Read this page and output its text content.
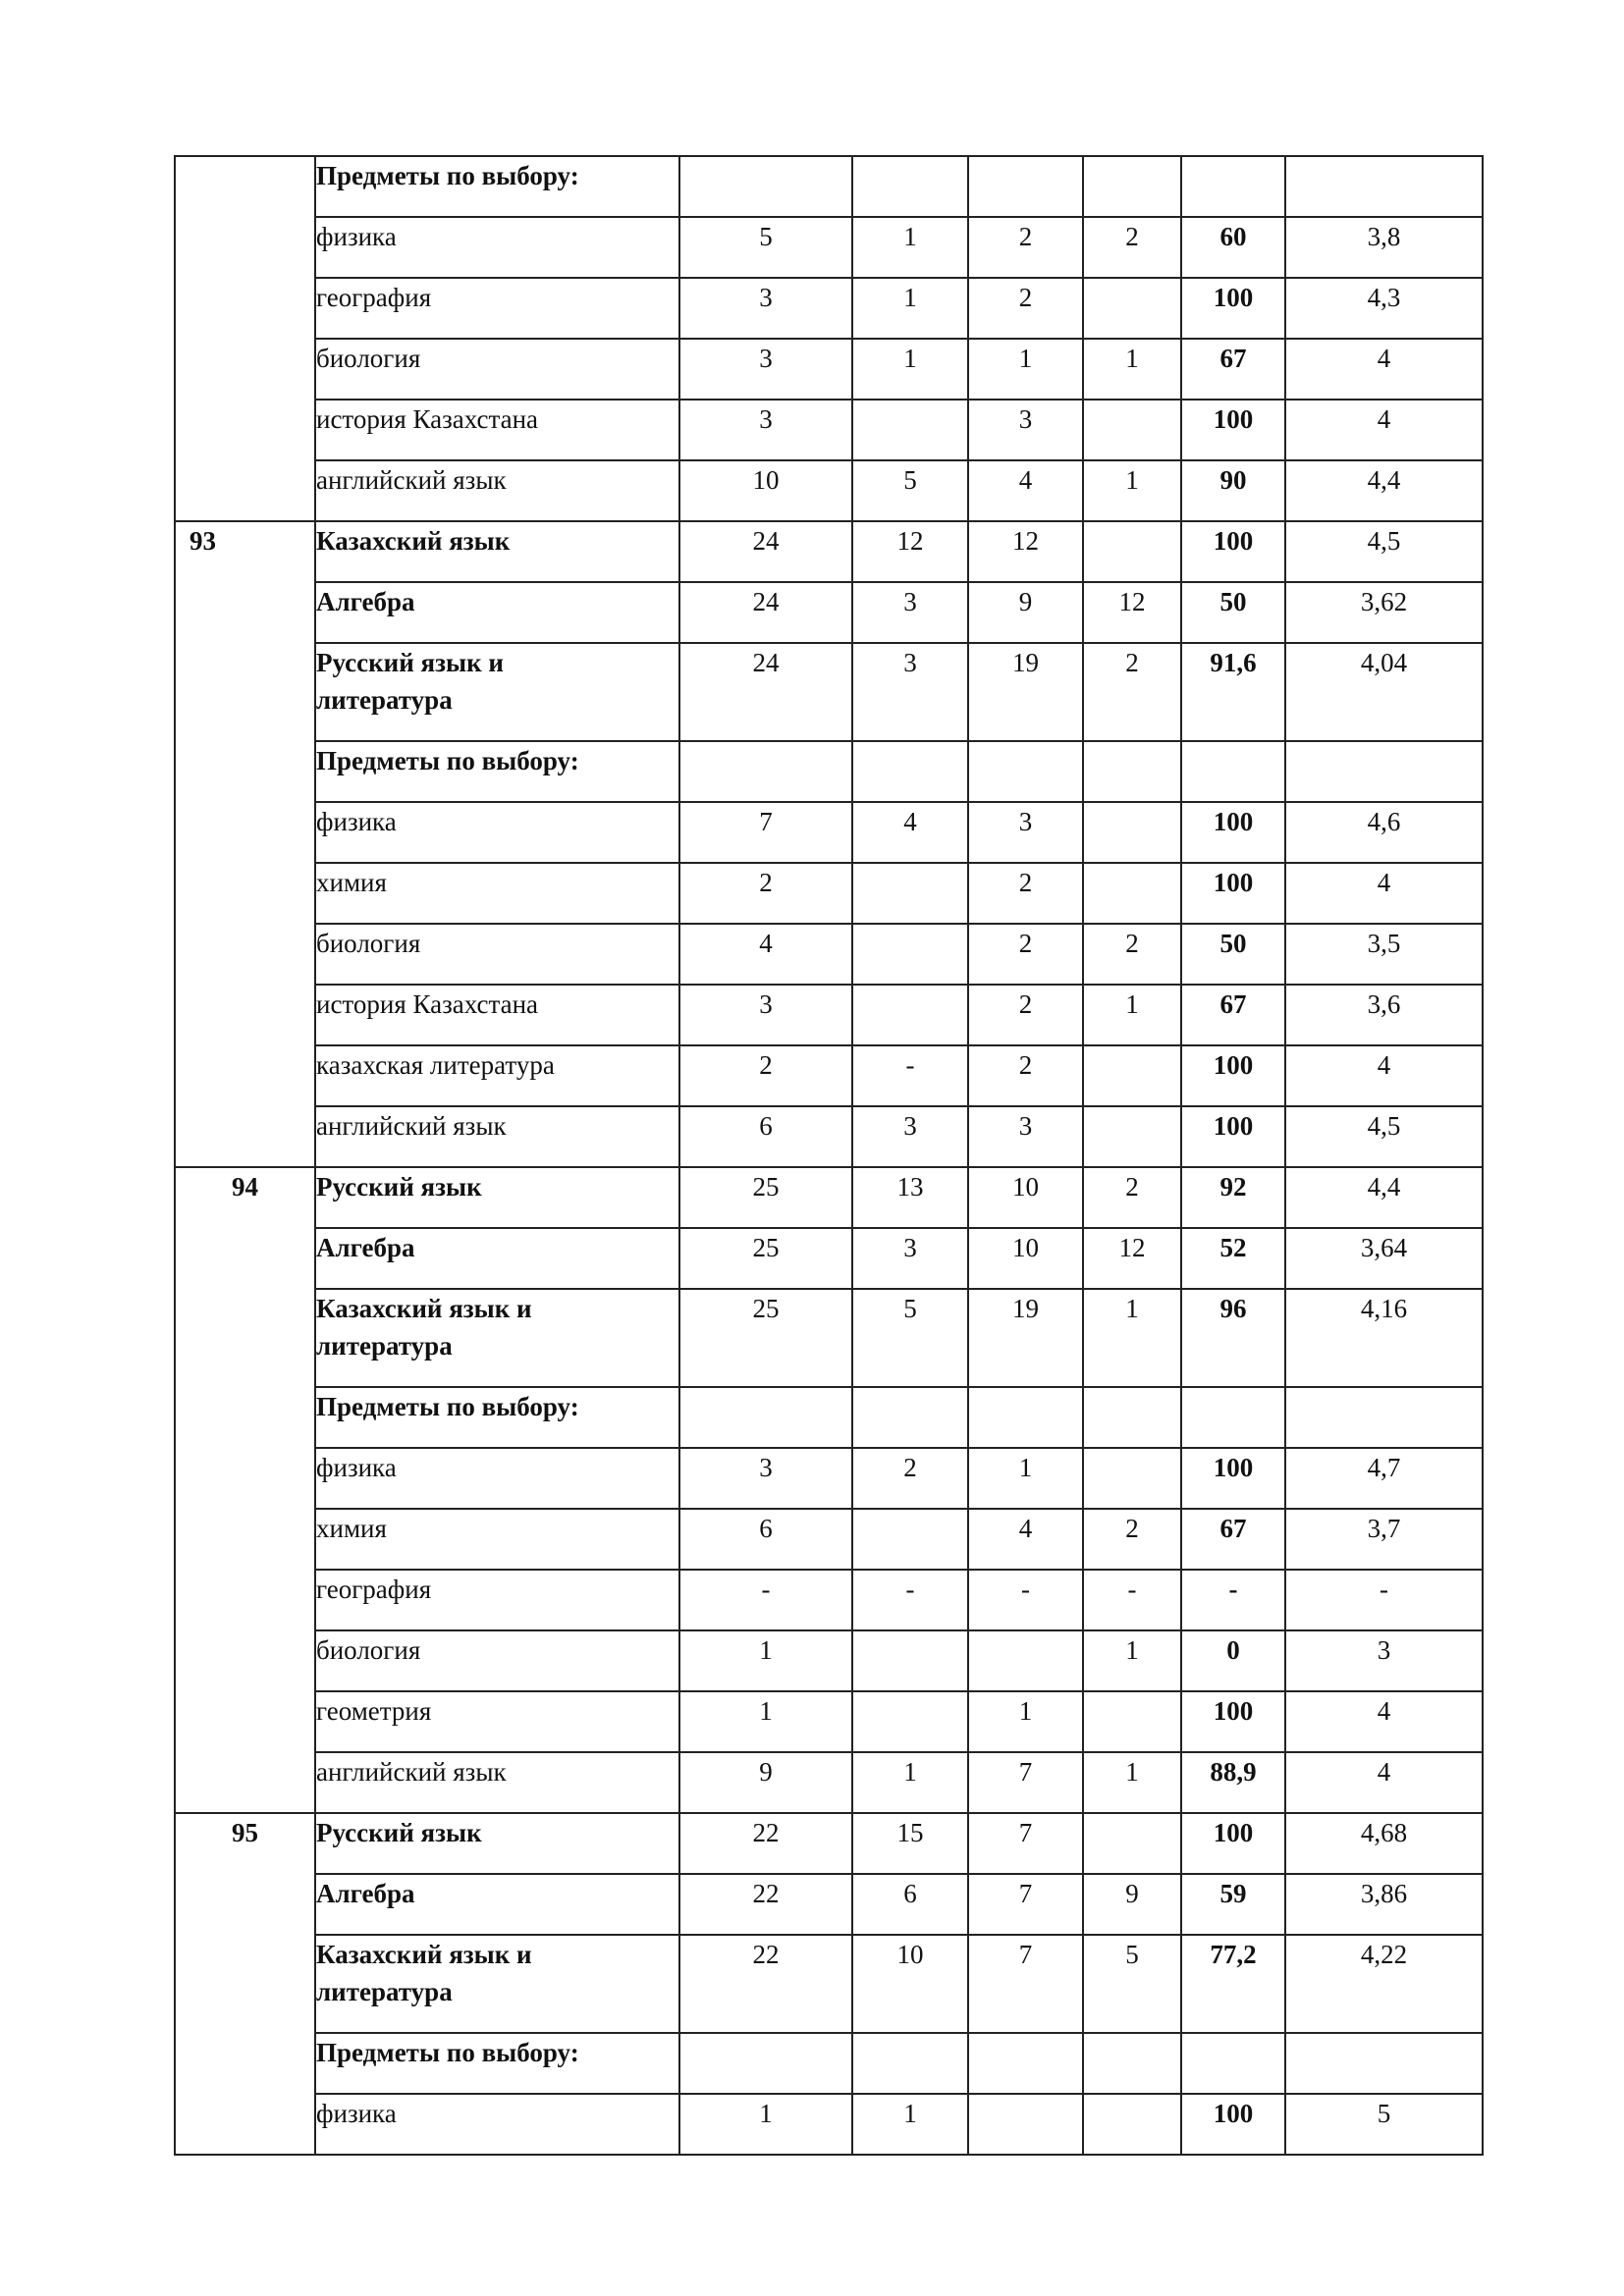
	Предметы по выбору:						

	физика	5	1	2	2	60	3,8

	география	3	1	2		100	4,3

	биология	3	1	1	1	67	4

	история Казахстана	3		3		100	4

	английский язык	10	5	4	1	90	4,4
93	Казахский язык	24	12	12		100	4,5

	Алгебра	24	3	9	12	50	3,62

	Русский язык и
литература	24	3	19	2	91,6	4,04

	Предметы по выбору:						

	физика	7	4	3		100	4,6

	химия	2		2		100	4

	биология	4		2	2	50	3,5

	история Казахстана	3		2	1	67	3,6

	казахская литература	2	-	2		100	4

	английский язык	6	3	3		100	4,5
94	Русский язык	25	13	10	2	92	4,4

	Алгебра	25	3	10	12	52	3,64

	Казахский язык и
литература	25	5	19	1	96	4,16

	Предметы по выбору:						

	физика	3	2	1		100	4,7

	химия	6		4	2	67	3,7

	география	-	-	-	-	-	-

	биология	1			1	0	3

	геометрия	1		1		100	4

	английский язык	9	1	7	1	88,9	4
95	Русский язык	22	15	7		100	4,68

	Алгебра	22	6	7	9	59	3,86

	Казахский язык и
литература	22	10	7	5	77,2	4,22

	Предметы по выбору:						

	физика	1	1			100	5
